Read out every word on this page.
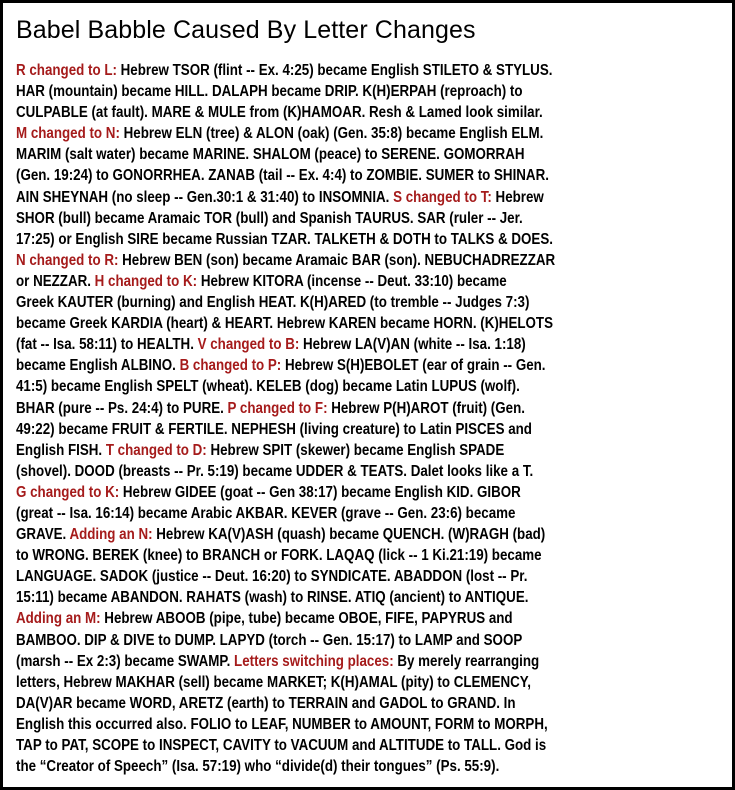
Babel Babble Caused By Letter Changes
R changed to L: Hebrew TSOR (flint -- Ex. 4:25) became English STILETO & STYLUS.
HAR (mountain) became HILL. DALAPH became DRIP. K(H)ERPAH (reproach) to
CULPABLE (at fault). MARE & MULE from (K)HAMOAR. Resh & Lamed look similar.
M changed to N: Hebrew ELN (tree) & ALON (oak) (Gen. 35:8) became English ELM.
MARIM (salt water) became MARINE. SHALOM (peace) to SERENE. GOMORRAH
(Gen. 19:24) to GONORRHEA. ZANAB (tail -- Ex. 4:4) to ZOMBIE. SUMER to SHINAR.
AIN SHEYNAH (no sleep -- Gen.30:1 & 31:40) to INSOMNIA. S changed to T: Hebrew
SHOR (bull) became Aramaic TOR (bull) and Spanish TAURUS. SAR (ruler -- Jer.
17:25) or English SIRE became Russian TZAR. TALKETH & DOTH to TALKS & DOES.
N changed to R: Hebrew BEN (son) became Aramaic BAR (son). NEBUCHADREZZAR
or NEZZAR. H changed to K: Hebrew KITORA (incense -- Deut. 33:10) became
Greek KAUTER (burning) and English HEAT. K(H)ARED (to tremble -- Judges 7:3)
became Greek KARDIA (heart) & HEART. Hebrew KAREN became HORN. (K)HELOTS
(fat -- Isa. 58:11) to HEALTH. V changed to B: Hebrew LA(V)AN (white -- Isa. 1:18)
became English ALBINO. B changed to P: Hebrew S(H)EBOLET (ear of grain -- Gen.
41:5) became English SPELT (wheat). KELEB (dog) became Latin LUPUS (wolf).
BHAR (pure -- Ps. 24:4) to PURE. P changed to F: Hebrew P(H)AROT (fruit) (Gen.
49:22) became FRUIT & FERTILE. NEPHESH (living creature) to Latin PISCES and
English FISH. T changed to D: Hebrew SPIT (skewer) became English SPADE
(shovel). DOOD (breasts -- Pr. 5:19) became UDDER & TEATS. Dalet looks like a T.
G changed to K: Hebrew GIDEE (goat -- Gen 38:17) became English KID. GIBOR
(great -- Isa. 16:14) became Arabic AKBAR. KEVER (grave -- Gen. 23:6) became
GRAVE. Adding an N: Hebrew KA(V)ASH (quash) became QUENCH. (W)RAGH (bad)
to WRONG. BEREK (knee) to BRANCH or FORK. LAQAQ (lick -- 1 Ki.21:19) became
LANGUAGE. SADOK (justice -- Deut. 16:20) to SYNDICATE. ABADDON (lost -- Pr.
15:11) became ABANDON. RAHATS (wash) to RINSE. ATIQ (ancient) to ANTIQUE.
Adding an M: Hebrew ABOOB (pipe, tube) became OBOE, FIFE, PAPYRUS and
BAMBOO. DIP & DIVE to DUMP. LAPYD (torch -- Gen. 15:17) to LAMP and SOOP
(marsh -- Ex 2:3) became SWAMP. Letters switching places: By merely rearranging
letters, Hebrew MAKHAR (sell) became MARKET; K(H)AMAL (pity) to CLEMENCY,
DA(V)AR became WORD, ARETZ (earth) to TERRAIN and GADOL to GRAND. In
English this occurred also. FOLIO to LEAF, NUMBER to AMOUNT, FORM to MORPH,
TAP to PAT, SCOPE to INSPECT, CAVITY to VACUUM and ALTITUDE to TALL. God is
the “Creator of Speech” (Isa. 57:19) who “divide(d) their tongues” (Ps. 55:9).
